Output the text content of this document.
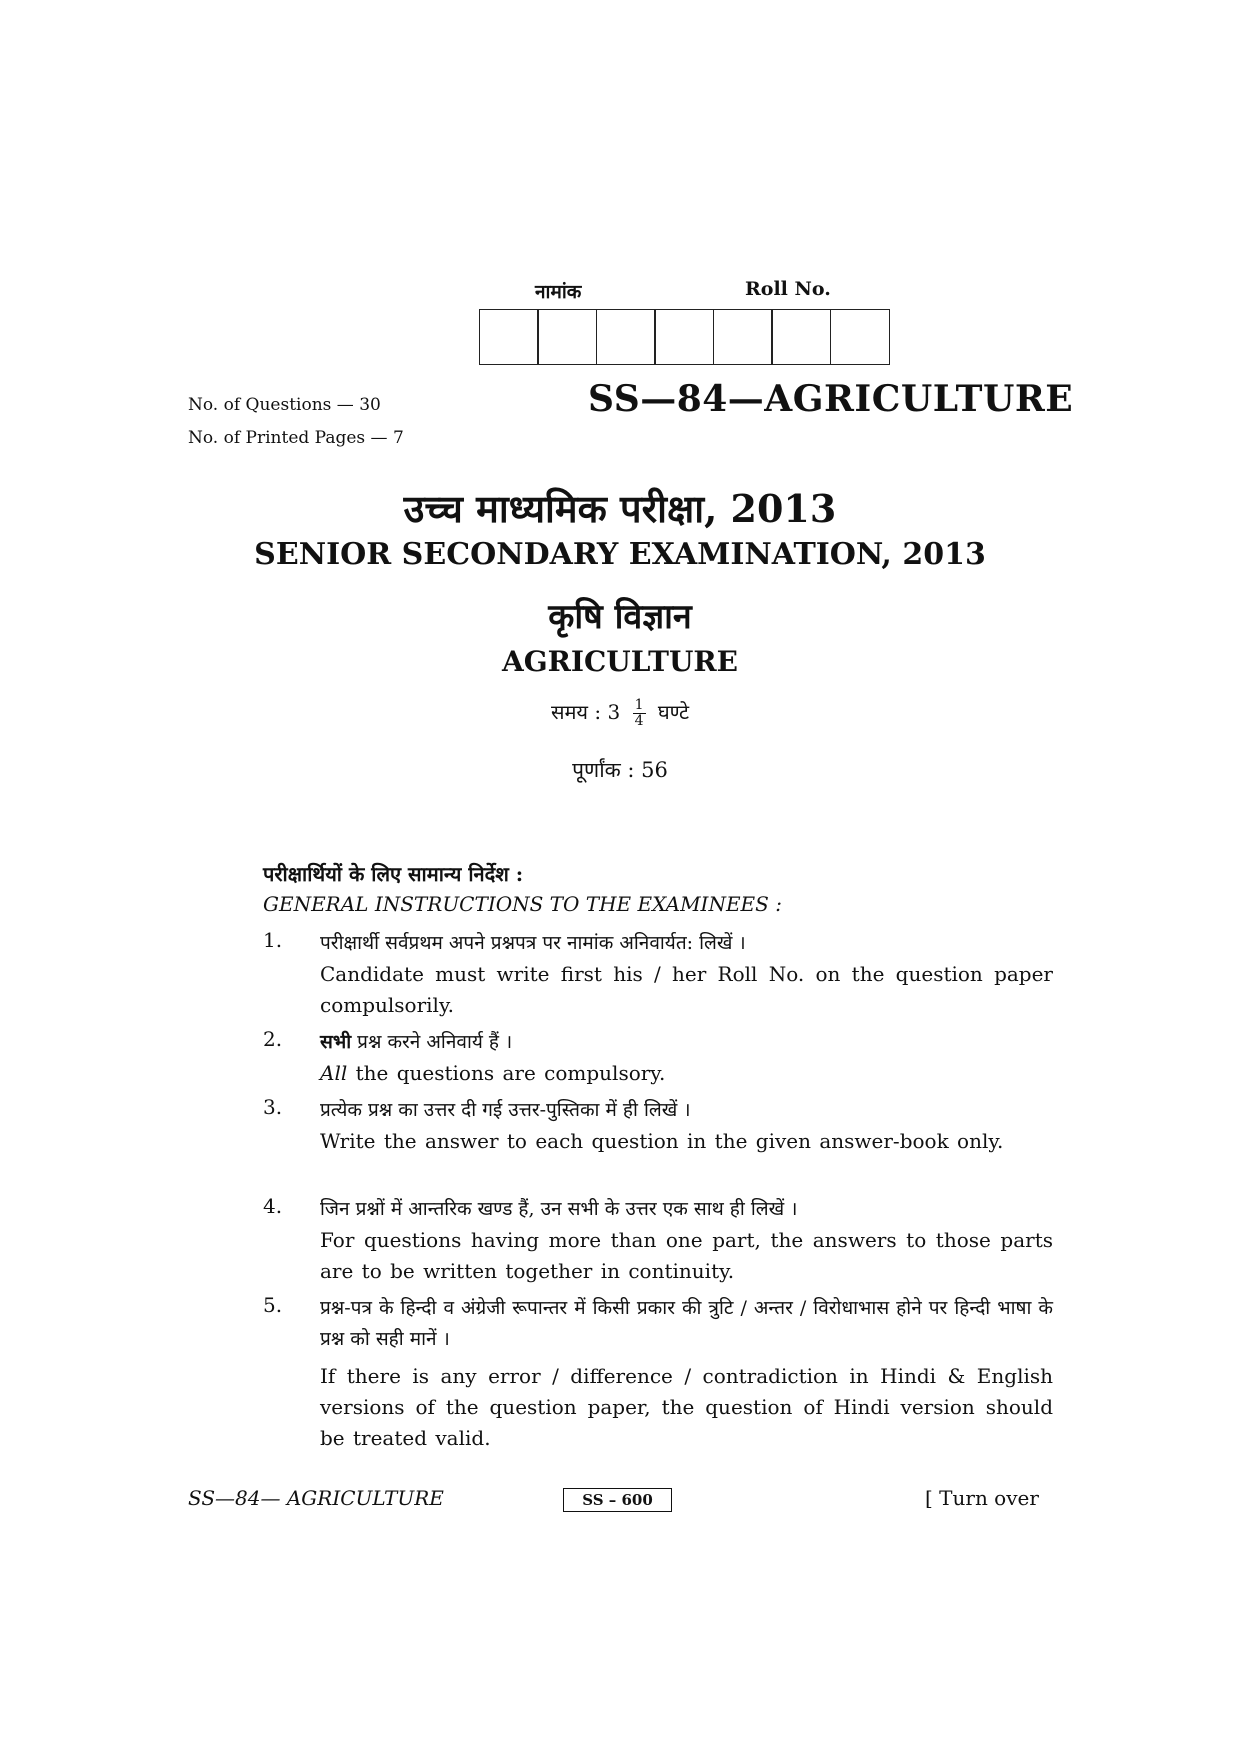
नामांक	Roll No.
No. of Questions — 30
No. of Printed Pages — 7
SS—84—AGRICULTURE
उच्च माध्यमिक परीक्षा, 2013
SENIOR SECONDARY EXAMINATION, 2013
कृषि विज्ञान
AGRICULTURE
समय : $3 \frac{1}{4}$ घण्टे
पूर्णांक : 56
परीक्षार्थियों के लिए सामान्य निर्देश :
GENERAL INSTRUCTIONS TO THE EXAMINEES :
1. परीक्षार्थी सर्वप्रथम अपने प्रश्नपत्र पर नामांक अनिवार्यत: लिखें ।
Candidate must write first his / her Roll No. on the question paper compulsorily.
2. सभी प्रश्न करने अनिवार्य हैं ।
All the questions are compulsory.
3. प्रत्येक प्रश्न का उत्तर दी गई उत्तर-पुस्तिका में ही लिखें ।
Write the answer to each question in the given answer-book only.
4. जिन प्रश्नों में आन्तरिक खण्ड हैं, उन सभी के उत्तर एक साथ ही लिखें ।
For questions having more than one part, the answers to those parts are to be written together in continuity.
5. प्रश्न-पत्र के हिन्दी व अंग्रेजी रूपान्तर में किसी प्रकार की त्रुटि / अन्तर / विरोधाभास होने पर हिन्दी भाषा के प्रश्न को सही मानें ।
If there is any error / difference / contradiction in Hindi & English versions of the question paper, the question of Hindi version should be treated valid.
SS—84— AGRICULTURE	SS – 600	[ Turn over
